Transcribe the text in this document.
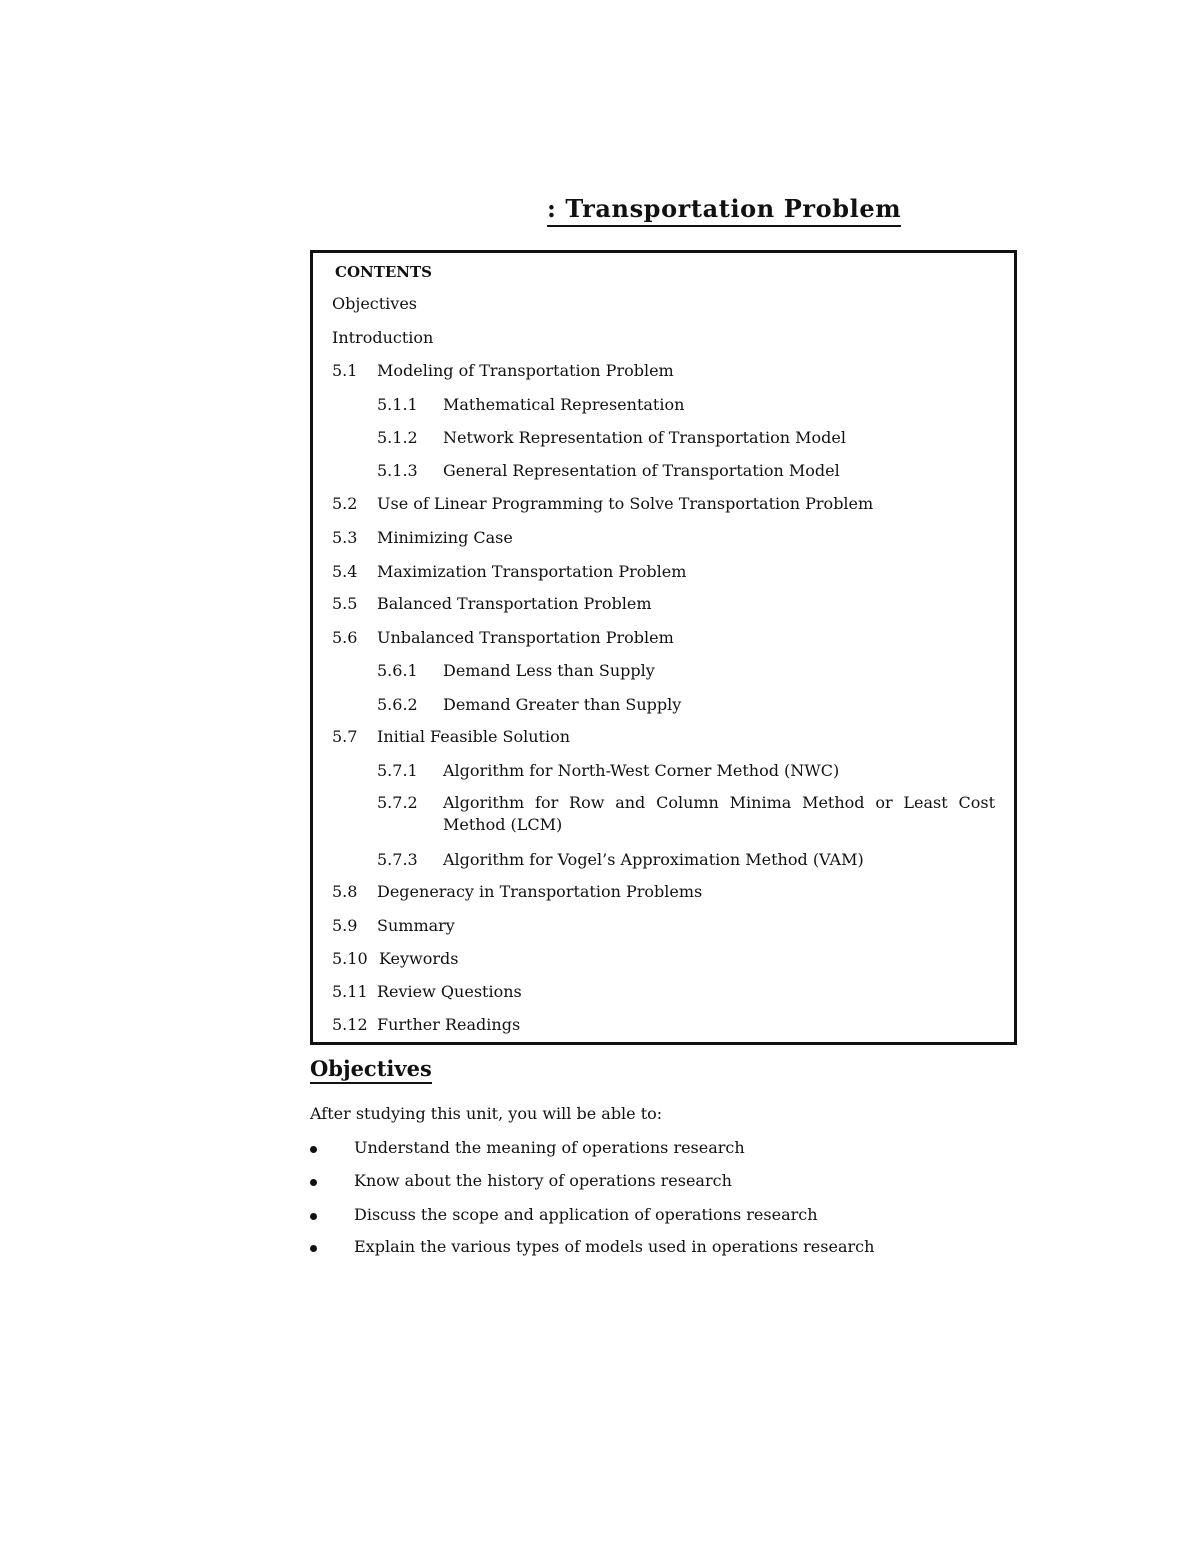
: Transportation Problem
CONTENTS
Objectives
Introduction
5.1 Modeling of Transportation Problem
5.1.1 Mathematical Representation
5.1.2 Network Representation of Transportation Model
5.1.3 General Representation of Transportation Model
5.2 Use of Linear Programming to Solve Transportation Problem
5.3 Minimizing Case
5.4 Maximization Transportation Problem
5.5 Balanced Transportation Problem
5.6 Unbalanced Transportation Problem
5.6.1 Demand Less than Supply
5.6.2 Demand Greater than Supply
5.7 Initial Feasible Solution
5.7.1 Algorithm for North-West Corner Method (NWC)
5.7.2 Algorithm for Row and Column Minima Method or Least Cost Method (LCM)
5.7.3 Algorithm for Vogel’s Approximation Method (VAM)
5.8 Degeneracy in Transportation Problems
5.9 Summary
5.10 Keywords
5.11 Review Questions
5.12 Further Readings
Objectives
After studying this unit, you will be able to:
Understand the meaning of operations research
Know about the history of operations research
Discuss the scope and application of operations research
Explain the various types of models used in operations research
